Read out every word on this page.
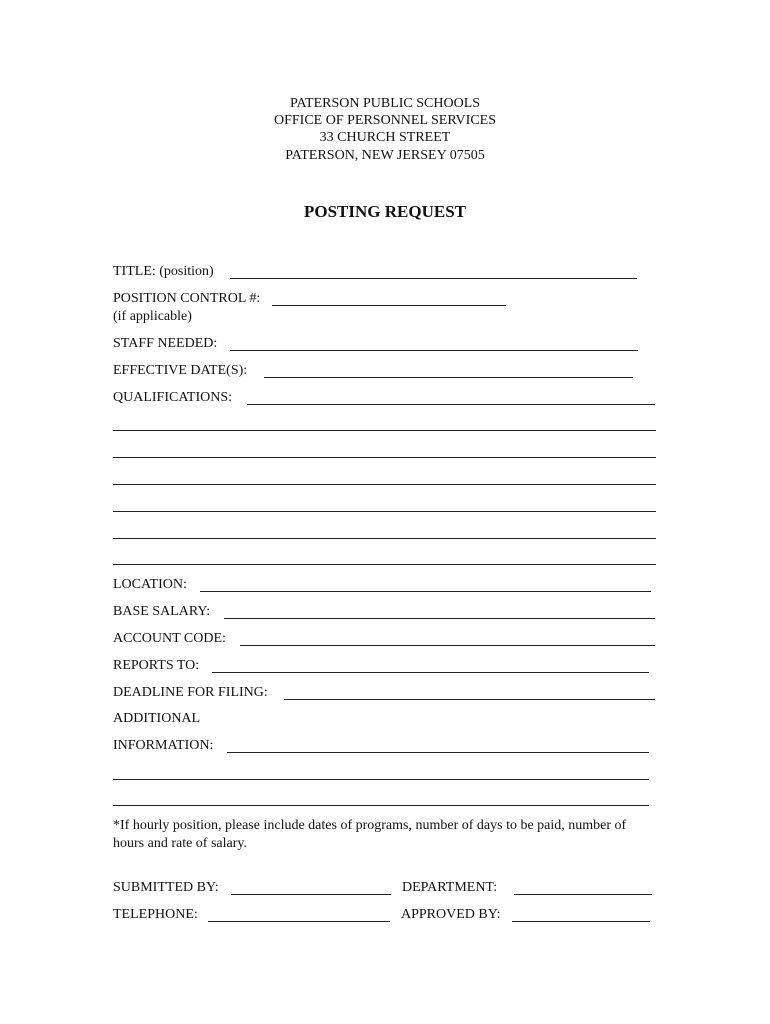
PATERSON PUBLIC SCHOOLS
OFFICE OF PERSONNEL SERVICES
33 CHURCH STREET
PATERSON, NEW JERSEY 07505
POSTING REQUEST
TITLE: (position)
POSITION CONTROL #:
(if applicable)
STAFF NEEDED:
EFFECTIVE DATE(S):
QUALIFICATIONS:
LOCATION:
BASE SALARY:
ACCOUNT CODE:
REPORTS TO:
DEADLINE FOR FILING:
ADDITIONAL
INFORMATION:
*If hourly position, please include dates of programs, number of days to be paid, number of hours and rate of salary.
SUBMITTED BY:	DEPARTMENT:
TELEPHONE:	APPROVED BY:
